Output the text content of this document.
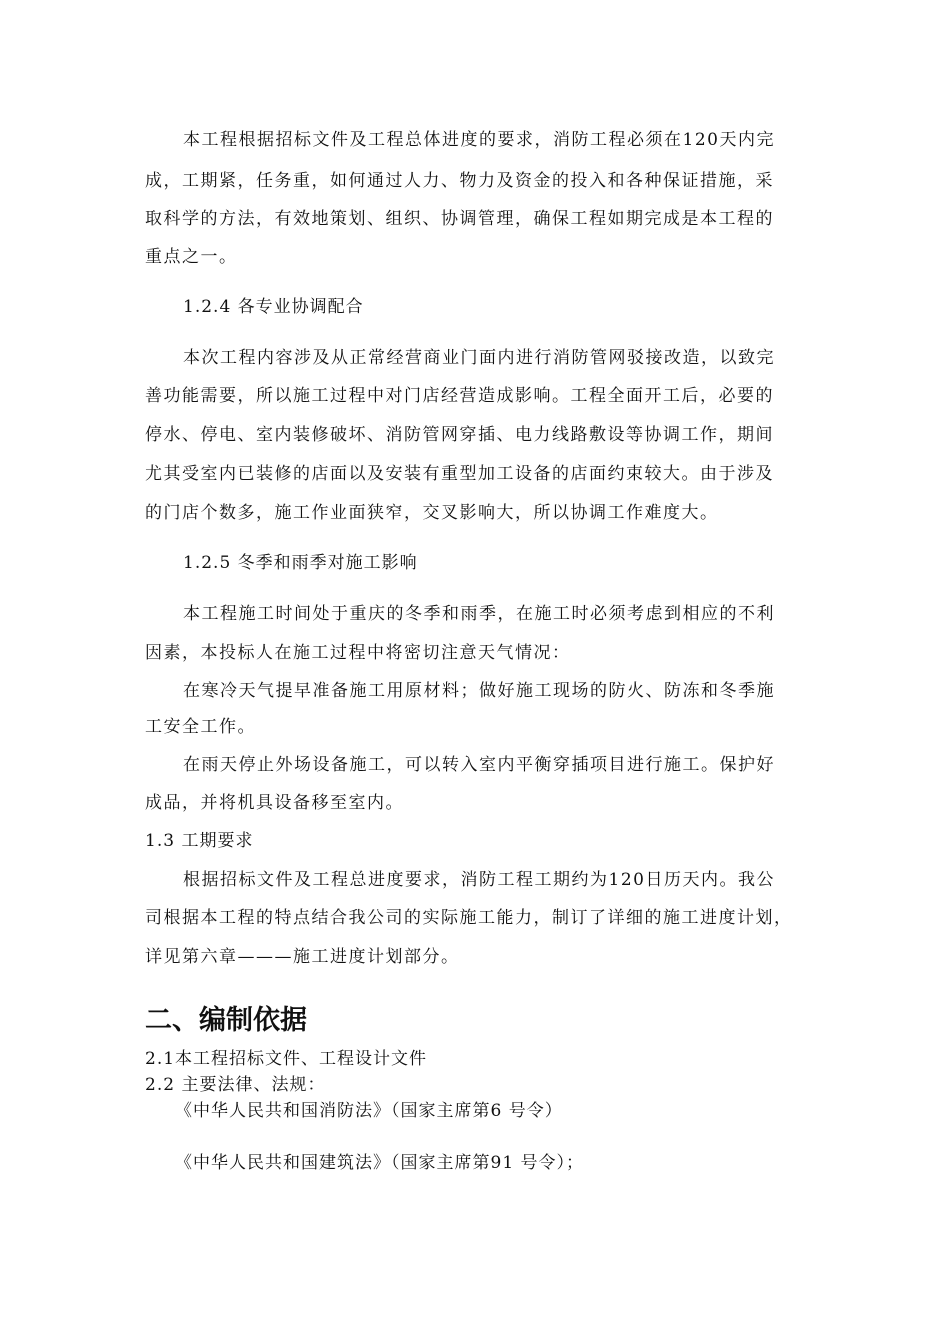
本工程根据招标文件及工程总体进度的要求，消防工程必须在120天内完
成，工期紧，任务重，如何通过人力、物力及资金的投入和各种保证措施，采
取科学的方法，有效地策划、组织、协调管理，确保工程如期完成是本工程的
重点之一。
1.2.4 各专业协调配合
本次工程内容涉及从正常经营商业门面内进行消防管网驳接改造，以致完
善功能需要，所以施工过程中对门店经营造成影响。工程全面开工后，必要的
停水、停电、室内装修破坏、消防管网穿插、电力线路敷设等协调工作，期间
尤其受室内已装修的店面以及安装有重型加工设备的店面约束较大。由于涉及
的门店个数多，施工作业面狭窄，交叉影响大，所以协调工作难度大。
1.2.5 冬季和雨季对施工影响
本工程施工时间处于重庆的冬季和雨季，在施工时必须考虑到相应的不利
因素，本投标人在施工过程中将密切注意天气情况：
在寒冷天气提早准备施工用原材料；做好施工现场的防火、防冻和冬季施
工安全工作。
在雨天停止外场设备施工，可以转入室内平衡穿插项目进行施工。保护好
成品，并将机具设备移至室内。
1.3 工期要求
根据招标文件及工程总进度要求，消防工程工期约为120日历天内。我公
司根据本工程的特点结合我公司的实际施工能力，制订了详细的施工进度计划，
详见第六章———施工进度计划部分。
二、编制依据
2.1本工程招标文件、工程设计文件
2.2 主要法律、法规：
《中华人民共和国消防法》（国家主席第6 号令）
《中华人民共和国建筑法》（国家主席第91 号令）；
